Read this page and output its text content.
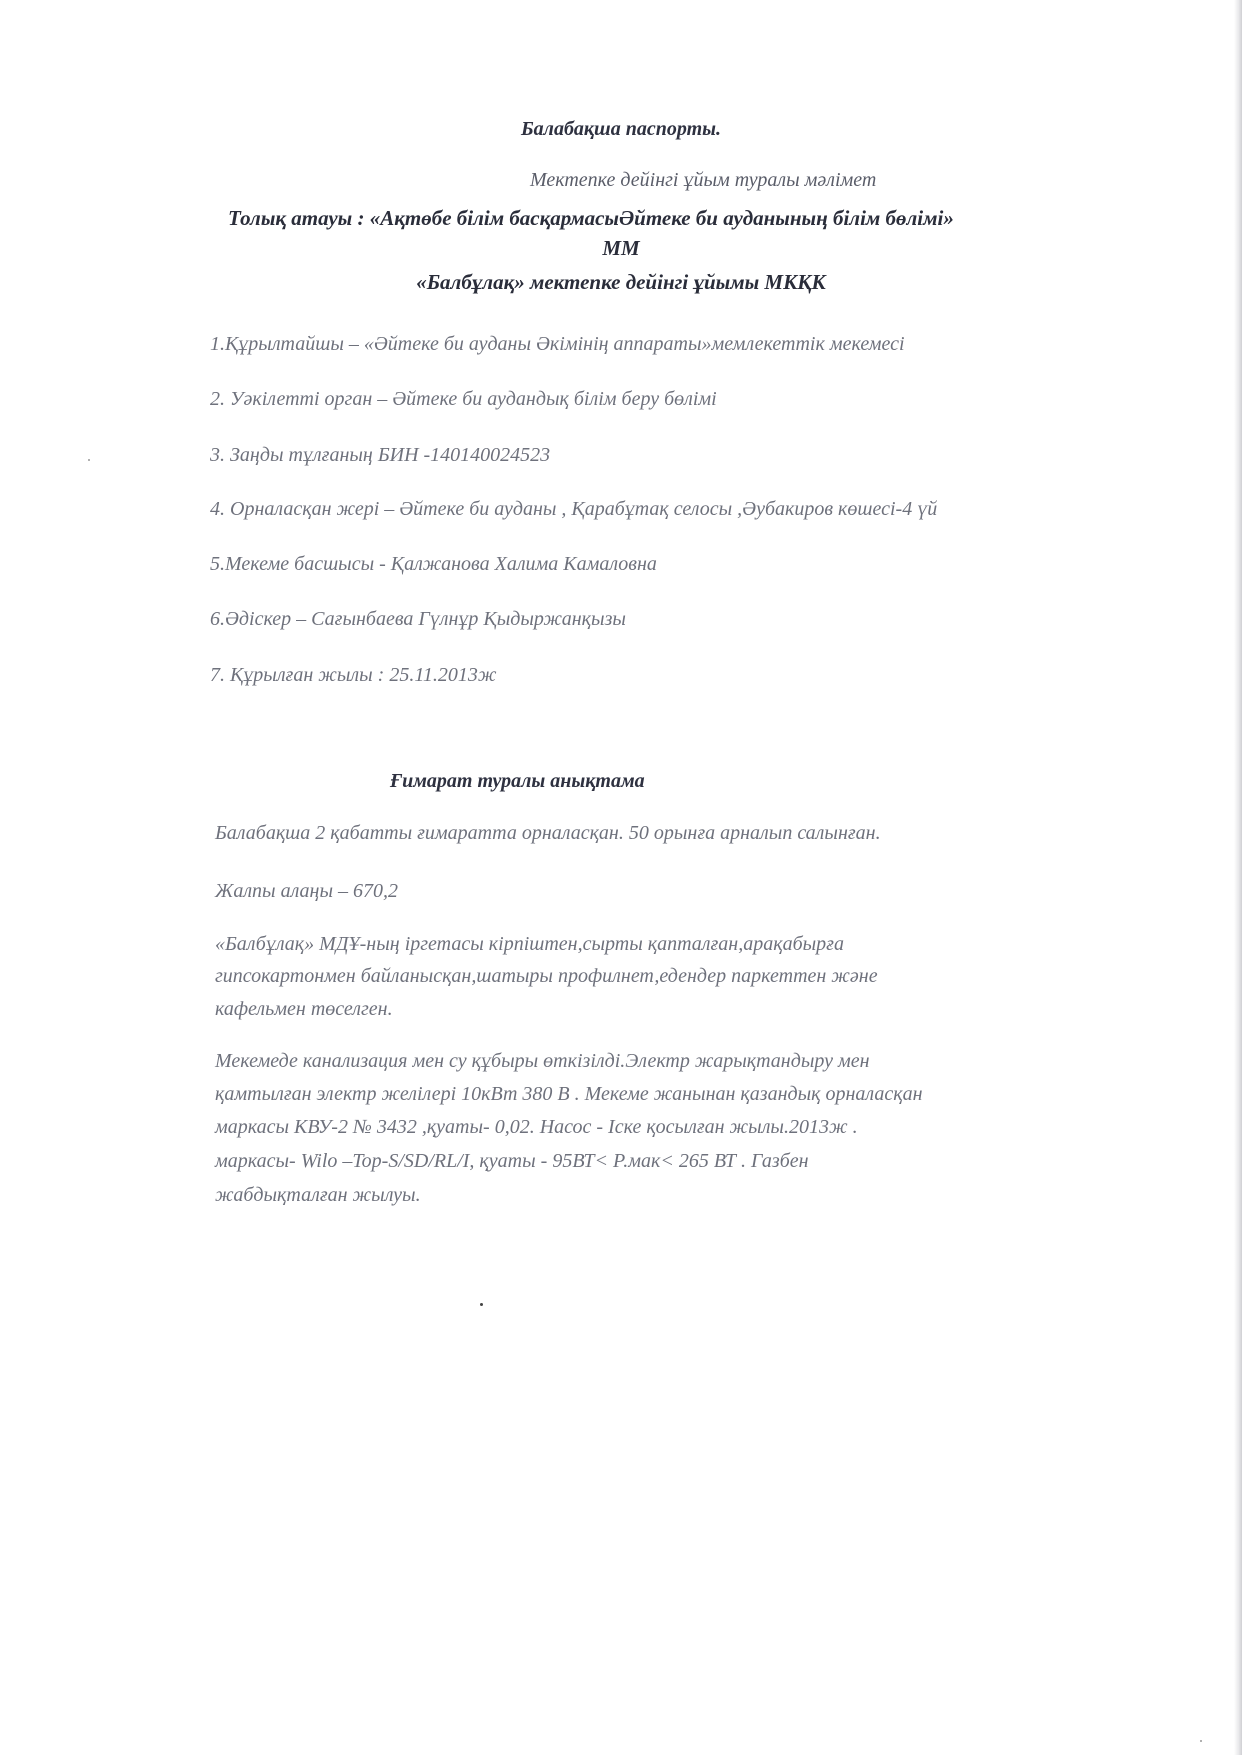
Балабақша паспорты.
Мектепке дейінгі ұйым туралы мәлімет
Толық атауы : «Ақтөбе білім басқармасыӘйтеке би ауданының білім бөлімі»
ММ
«Балбұлақ» мектепке дейінгі ұйымы МКҚК
1.Құрылтайшы – «Әйтеке би ауданы Әкімінің аппараты»мемлекеттік мекемесі
2. Уәкілетті орган – Әйтеке би аудандық білім беру бөлімі
3. Заңды тұлғаның БИН -140140024523
4. Орналасқан жері – Әйтеке би ауданы , Қарабұтақ селосы ,Әубакиров көшесі-4 үй
5.Мекеме басшысы - Қалжанова Халима Камаловна
6.Әдіскер – Сағынбаева Гүлнұр Қыдыржанқызы
7. Құрылған жылы : 25.11.2013ж
Ғимарат туралы анықтама
Балабақша 2 қабатты ғимаратта орналасқан. 50 орынға арналып салынған.
Жалпы алаңы – 670,2
«Балбұлақ» МДҰ-ның іргетасы кірпіштен,сырты қапталған,арақабырға
гипсокартонмен байланысқан,шатыры профилнет,едендер паркеттен және
кафельмен төселген.
Мекемеде канализация мен су құбыры өткізілді.Электр жарықтандыру мен
қамтылған электр желілері 10кВт 380 В . Мекеме жанынан қазандық орналасқан
маркасы КВУ-2 № 3432 ,қуаты- 0,02. Насос - Іске қосылған жылы.2013ж .
маркасы- Wilo –Top-S/SD/RL/I, қуаты - 95ВТ< Р.мак< 265 ВТ . Газбен
жабдықталған жылуы.
